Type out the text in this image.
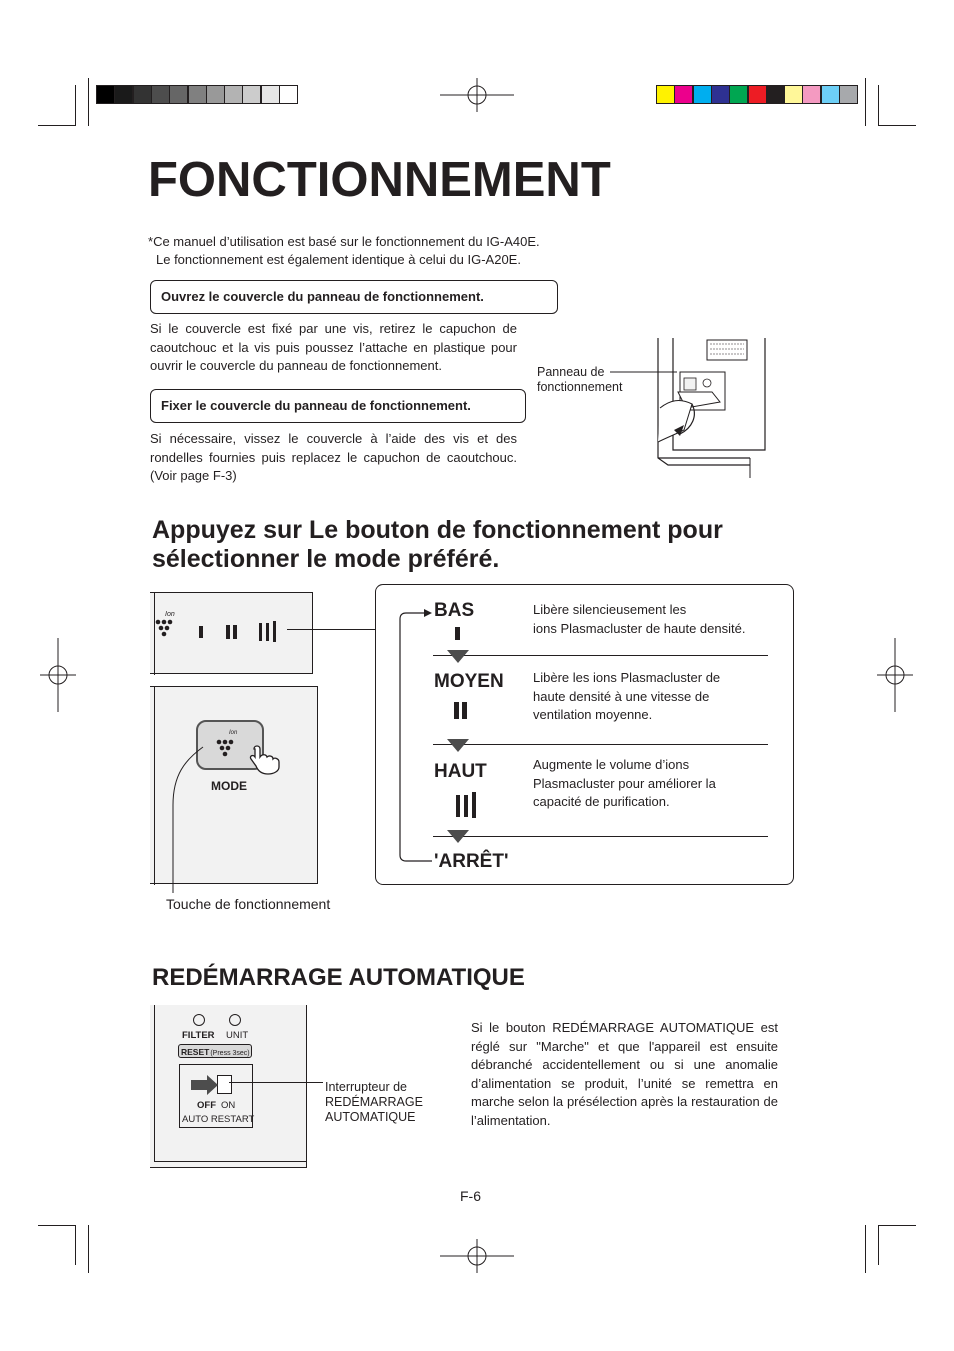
FONCTIONNEMENT
*Ce manuel d’utilisation est basé sur le fonctionnement du IG-A40E.
Le fonctionnement est également identique à celui du IG-A20E.
Ouvrez le couvercle du panneau de fonctionnement.
Si le couvercle est fixé par une vis, retirez le capuchon de caoutchouc et la vis puis poussez l’attache en plastique pour ouvrir le couvercle du panneau de fonctionnement.
Fixer le couvercle du panneau de fonctionnement.
Si nécessaire, vissez le couvercle à l’aide des vis et des rondelles fournies puis replacez le capuchon de caoutchouc. (Voir page F-3)
Panneau de
fonctionnement
Appuyez sur Le bouton de fonctionnement pour
sélectionner le mode préféré.
Ion
Ion
MODE
Touche de fonctionnement
BAS	Libère silencieusement les
ions Plasmacluster de haute densité.
MOYEN Libère les ions Plasmacluster de
haute densité à une vitesse de
ventilation moyenne.
HAUT	Augmente le volume d’ions
Plasmacluster pour améliorer la
capacité de purification.
'ARRÊT'
REDÉMARRAGE AUTOMATIQUE
FILTER UNIT
RESET(Press 3sec)
OFF ON
AUTO RESTART
Interrupteur de
REDÉMARRAGE
AUTOMATIQUE
Si le bouton REDÉMARRAGE AUTOMATIQUE est réglé sur "Marche" et que l'appareil est ensuite débranché accidentellement ou si une anomalie d’alimentation se produit, l’unité se remettra en marche selon la présélection après la restauration de l’alimentation.
F-6
